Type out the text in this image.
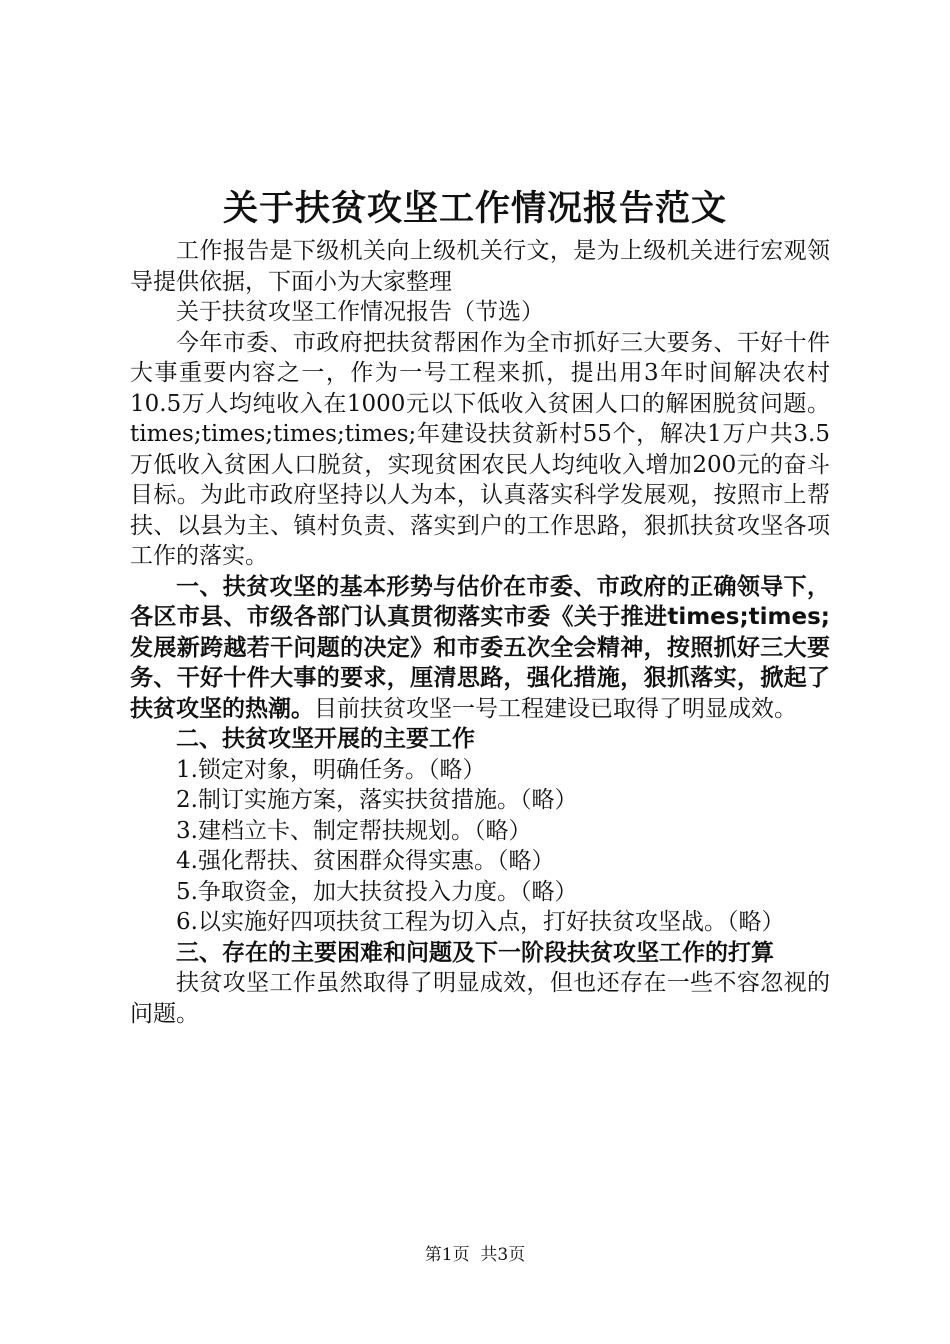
关于扶贫攻坚工作情况报告范文

工作报告是下级机关向上级机关行文，是为上级机关进行宏观领导提供依据，下面小为大家整理

关于扶贫攻坚工作情况报告（节选）

今年市委、市政府把扶贫帮困作为全市抓好三大要务、干好十件大事重要内容之一，作为一号工程来抓，提出用3年时间解决农村10.5万人均纯收入在1000元以下低收入贫困人口的解困脱贫问题。times;times;times;times;年建设扶贫新村55个，解决1万户共3.5万低收入贫困人口脱贫，实现贫困农民人均纯收入增加200元的奋斗目标。为此市政府坚持以人为本，认真落实科学发展观，按照市上帮扶、以县为主、镇村负责、落实到户的工作思路，狠抓扶贫攻坚各项工作的落实。

一、扶贫攻坚的基本形势与估价在市委、市政府的正确领导下，各区市县、市级各部门认真贯彻落实市委《关于推进times;times;发展新跨越若干问题的决定》和市委五次全会精神，按照抓好三大要务、干好十件大事的要求，厘清思路，强化措施，狠抓落实，掀起了扶贫攻坚的热潮。目前扶贫攻坚一号工程建设已取得了明显成效。

二、扶贫攻坚开展的主要工作

1.锁定对象，明确任务。（略）

2.制订实施方案，落实扶贫措施。（略）

3.建档立卡、制定帮扶规划。（略）

4.强化帮扶、贫困群众得实惠。（略）

5.争取资金，加大扶贫投入力度。（略）

6.以实施好四项扶贫工程为切入点，打好扶贫攻坚战。（略）

三、存在的主要困难和问题及下一阶段扶贫攻坚工作的打算

扶贫攻坚工作虽然取得了明显成效，但也还存在一些不容忽视的问题。

第1页 共3页
